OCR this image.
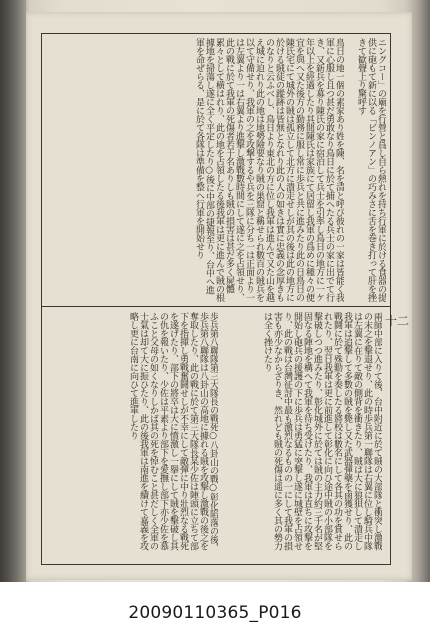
ニングコー」の廟を行營と爲し自ら熱れを持ち行軍に於ける食器の提供に砲もて新に以る「ビンノアン」の巧みさに舌を巻き打って肝を挫きて歓聲上り驚呼す
鳥日の地一個の素家あり姓を陳、名を清と呼び彼れの一家は皆能く我軍に心服し且つ甚だ勇敢なり鳥日に於て捕へたる兵士の家に出でて行き、又新兵を募り陳氏の家に宿泊して兵士を引率し鳥日の地方に一ケ年以上を經過したり其間陳氏は家族にて居留し我軍の爲めに種々の便宜を與へ又た後方の勤務に服し常に歩兵と共に進みたり此の日鳥日の陳氏宅にて城外の賊は孤立して北方に潰走せしが其の後は此の地方に於ける賊徒の蹤跡は皆無となれり此の人の如きは實に忠義の念厚きものなりと云ふべし、鳥日より東北の方に位し我軍は進んで又た山を越え城に迫れり此の地は地勢險要なり賊の巣窟と稱せられ數百の賊兵を以て守備せり、我軍の之を攻撃するや兵を三隊に分ち一は正面より一は左翼より一は右翼より進撃し激戰數時間にして遂に之を占領せり、此の戰に於て我軍の死傷者若干名ありしも賊の損害は甚だ多く屍體累々として横はれり、此の地を占領したる後我軍は更に進んで賊の根據地を掃蕩し遂に全く平定したり○後に中部の捷報至り、台中へ進軍を命ぜらる、是に於て各隊は準備を整へ行軍を開始せり
兩師中部に入りて後、台中附近に於て賊の大部隊と衝突し激戰の末之を撃退せり、此の時歩兵第一聯隊は右翼に位し騎兵中隊は左翼に在りて敵の側背を衝きたり、賊は大に狼狽して潰走し我軍は追撃して多數の賊を斃し又た武器彈藥を鹵獲せり、此の戰鬪に於て殊勳を奏したる將校は數名にして各其の功を賞せられたり、翌日我軍は更に前進して彰化に向ひ途中賊の小部隊を撃破しつつ進みたり、彰化城外に於ては賊の主力約三千名が堅固なる陣地を構へて我軍を待ち受けたり、我軍は直ちに攻撃を開始し砲兵の援護の下に歩兵は勇猛に突撃し遂に城壁を占領せり、此の戰は台灣征討中最も激烈なるものの一にして我軍の損害も亦少なからざりき、然れども賊の死傷は遥に多く其の勢力は全く挫けたり
歩兵第八聯隊第三大隊長の戰死○八卦山の戰○彰化陷落の後、歩兵第八聯隊は八卦山の高地に據れる賊を攻撃し激戰の後之を奪取したり、此の戰に於て第三大隊長某少佐は陣頭に立ちて部下を指揮し勇戰奮鬪せしが不幸にして敵彈に中り壯烈なる戰死を遂げたり、部下の將卒は大に憤激し一擧にして賊を擊破し其の仇を報いたり、少佐は平素より部下を愛撫し部下亦少佐を慕ふこと父母の如くなりしかば其の死を悼むこと甚だしく全軍の士氣は却て大に振ひたり、此の後我軍は南進を續けて嘉義を攻略し更に台南に向ひて進軍したり	十二
20090110365_P016
